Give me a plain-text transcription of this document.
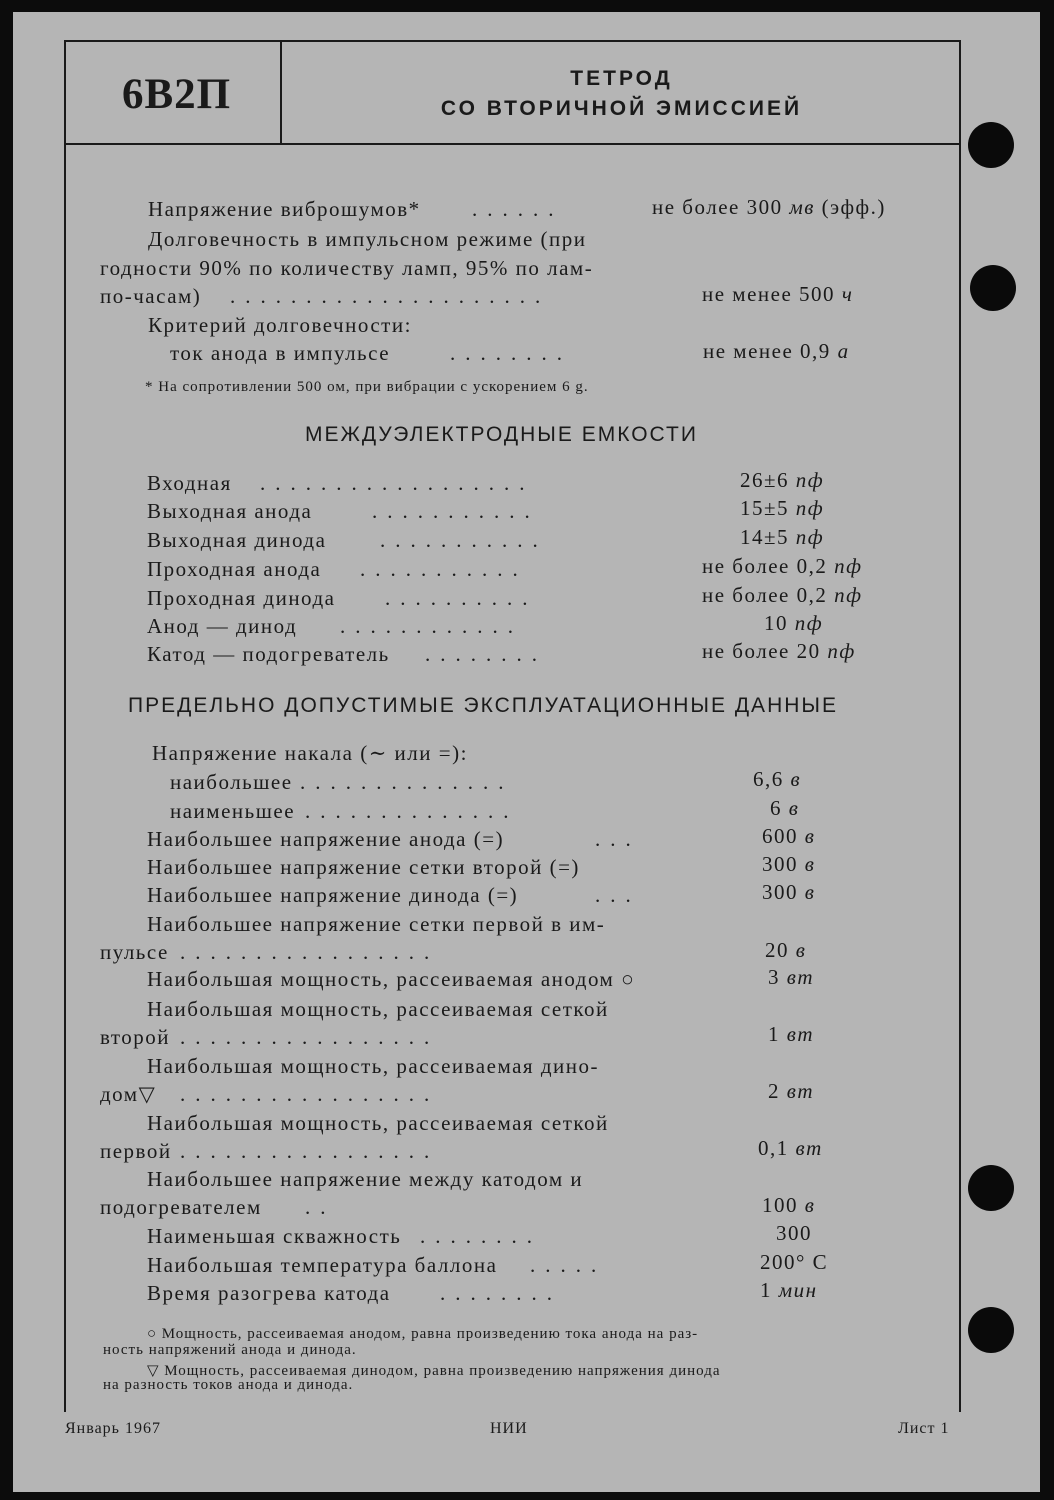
6В2П	ТЕТРОД
СО ВТОРИЧНОЙ ЭМИССИЕЙ
Напряжение виброшумов* ......	не более 300 мв (эфф.)
Долговечность в импульсном режиме (при
годности 90% по количеству ламп, 95% по лам-
по-часам) .....................	не менее 500 ч
Критерий долговечности:
ток анода в импульсе	........	не менее 0,9 а
* На сопротивлении 500 ом, при вибрации с ускорением 6 g.
МЕЖДУЭЛЕКТРОДНЫЕ ЕМКОСТИ
Входная ..................	26±6 пф
Выходная анода	...........	15±5 пф
Выходная динода	...........	14±5 пф
Проходная анода ...........	не более 0,2 пф
Проходная динода ..........	не более 0,2 пф
Анод — динод ............	10 пф
Катод — подогреватель ........	не более 20 пф
ПРЕДЕЛЬНО ДОПУСТИМЫЕ ЭКСПЛУАТАЦИОННЫЕ ДАННЫЕ
Напряжение накала (∼ или =):
наибольшее ..............	6,6 в
наименьшее ..............	6 в
Наибольшее напряжение анода (=)	...	600 в
Наибольшее напряжение сетки второй (=)	300 в
Наибольшее напряжение динода (=)	...	300 в
Наибольшее напряжение сетки первой в им-
пульсе .................	20 в
Наибольшая мощность, рассеиваемая анодом ○	3 вт
Наибольшая мощность, рассеиваемая сеткой
второй .................	1 вт
Наибольшая мощность, рассеиваемая дино-
дом▽ .................	2 вт
Наибольшая мощность, рассеиваемая сеткой
первой .................	0,1 вт
Наибольшее напряжение между катодом и
подогревателем ..	100 в
Наименьшая скважность ........	300
Наибольшая температура баллона .....	200° C
Время разогрева катода ........	1 мин
○ Мощность, рассеиваемая анодом, равна произведению тока анода на раз-
ность напряжений анода и динода.
▽ Мощность, рассеиваемая динодом, равна произведению напряжения динода
на разность токов анода и динода.
Январь 1967	НИИ	Лист 1
